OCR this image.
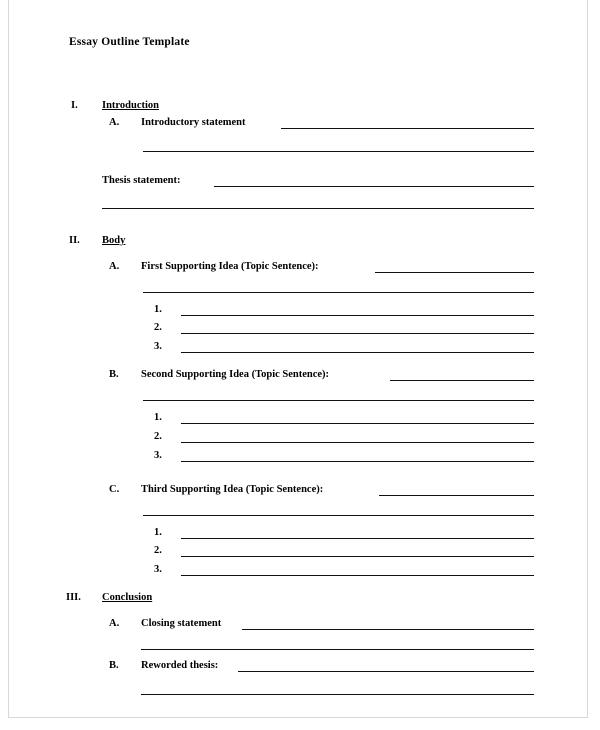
Essay Outline Template
I. Introduction
A. Introductory statement
Thesis statement:
II. Body
A. First Supporting Idea (Topic Sentence):
1.
2.
3.
B. Second Supporting Idea (Topic Sentence):
1.
2.
3.
C. Third Supporting Idea (Topic Sentence):
1.
2.
3.
III. Conclusion
A. Closing statement
B. Reworded thesis:
